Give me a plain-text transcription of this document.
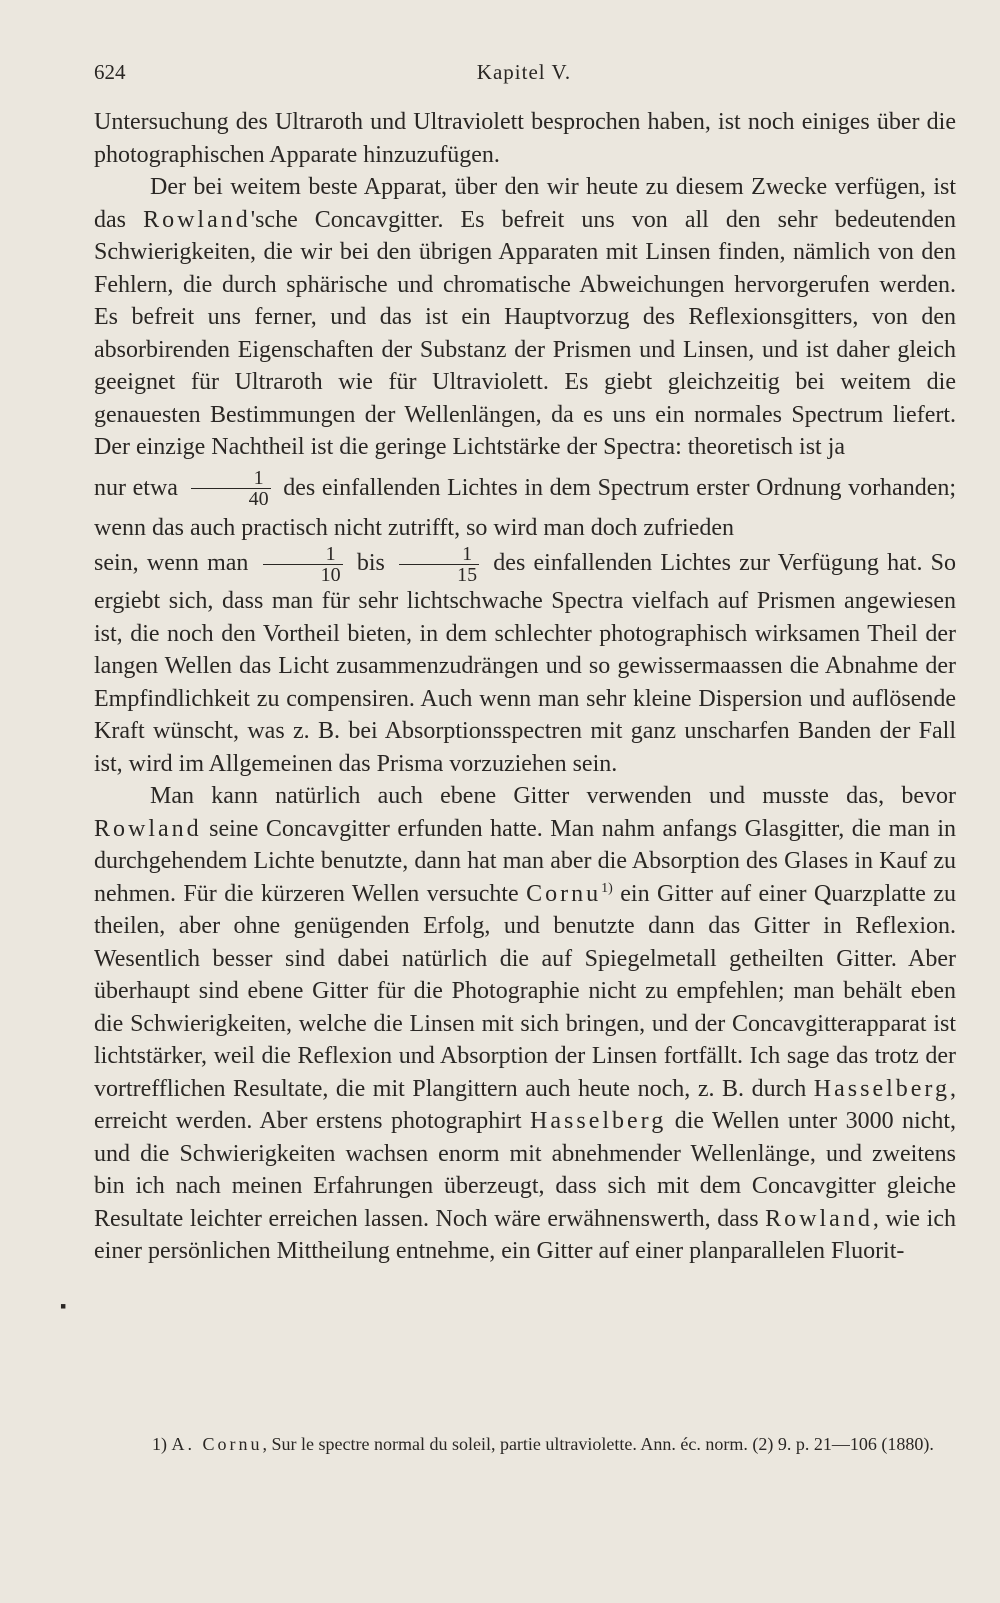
624	Kapitel V.

Untersuchung des Ultraroth und Ultraviolett besprochen haben, ist noch einiges über die photographischen Apparate hinzuzufügen.

Der bei weitem beste Apparat, über den wir heute zu diesem Zwecke verfügen, ist das Rowland'sche Concavgitter. Es befreit uns von all den sehr bedeutenden Schwierigkeiten, die wir bei den übrigen Apparaten mit Linsen finden, nämlich von den Fehlern, die durch sphärische und chromatische Abweichungen hervorgerufen werden. Es befreit uns ferner, und das ist ein Hauptvorzug des Reflexionsgitters, von den absorbirenden Eigenschaften der Substanz der Prismen und Linsen, und ist daher gleich geeignet für Ultraroth wie für Ultraviolett. Es giebt gleichzeitig bei weitem die genauesten Bestimmungen der Wellenlängen, da es uns ein normales Spectrum liefert. Der einzige Nachtheil ist die geringe Lichtstärke der Spectra: theoretisch ist ja
nur etwa $\frac{1}{40}$ des einfallenden Lichtes in dem Spectrum erster Ordnung vorhanden; wenn das auch practisch nicht zutrifft, so wird man doch zufrieden
sein, wenn man $\frac{1}{10}$ bis $\frac{1}{15}$ des einfallenden Lichtes zur Verfügung hat. So ergiebt sich, dass man für sehr lichtschwache Spectra vielfach auf Prismen angewiesen ist, die noch den Vortheil bieten, in dem schlechter photographisch wirksamen Theil der langen Wellen das Licht zusammenzudrängen und so gewissermaassen die Abnahme der Empfindlichkeit zu compensiren. Auch wenn man sehr kleine Dispersion und auflösende Kraft wünscht, was z. B. bei Absorptionsspectren mit ganz unscharfen Banden der Fall ist, wird im Allgemeinen das Prisma vorzuziehen sein.

Man kann natürlich auch ebene Gitter verwenden und musste das, bevor Rowland seine Concavgitter erfunden hatte. Man nahm anfangs Glasgitter, die man in durchgehendem Lichte benutzte, dann hat man aber die Absorption des Glases in Kauf zu nehmen. Für die kürzeren Wellen versuchte Cornu$^{1)}$ ein Gitter auf einer Quarzplatte zu theilen, aber ohne genügenden Erfolg, und benutzte dann das Gitter in Reflexion. Wesentlich besser sind dabei natürlich die auf Spiegelmetall getheilten Gitter. Aber überhaupt sind ebene Gitter für die Photographie nicht zu empfehlen; man behält eben die Schwierigkeiten, welche die Linsen mit sich bringen, und der Concavgitterapparat ist lichtstärker, weil die Reflexion und Absorption der Linsen fortfällt. Ich sage das trotz der vortrefflichen Resultate, die mit Plangittern auch heute noch, z. B. durch Hasselberg, erreicht werden. Aber erstens photographirt Hasselberg die Wellen unter 3000 nicht, und die Schwierigkeiten wachsen enorm mit abnehmender Wellenlänge, und zweitens bin ich nach meinen Erfahrungen überzeugt, dass sich mit dem Concavgitter gleiche Resultate leichter erreichen lassen. Noch wäre erwähnenswerth, dass Rowland, wie ich einer persönlichen Mittheilung entnehme, ein Gitter auf einer planparallelen Fluorit-

▪

1) A. Cornu, Sur le spectre normal du soleil, partie ultraviolette. Ann. éc. norm. (2) 9. p. 21—106 (1880).
